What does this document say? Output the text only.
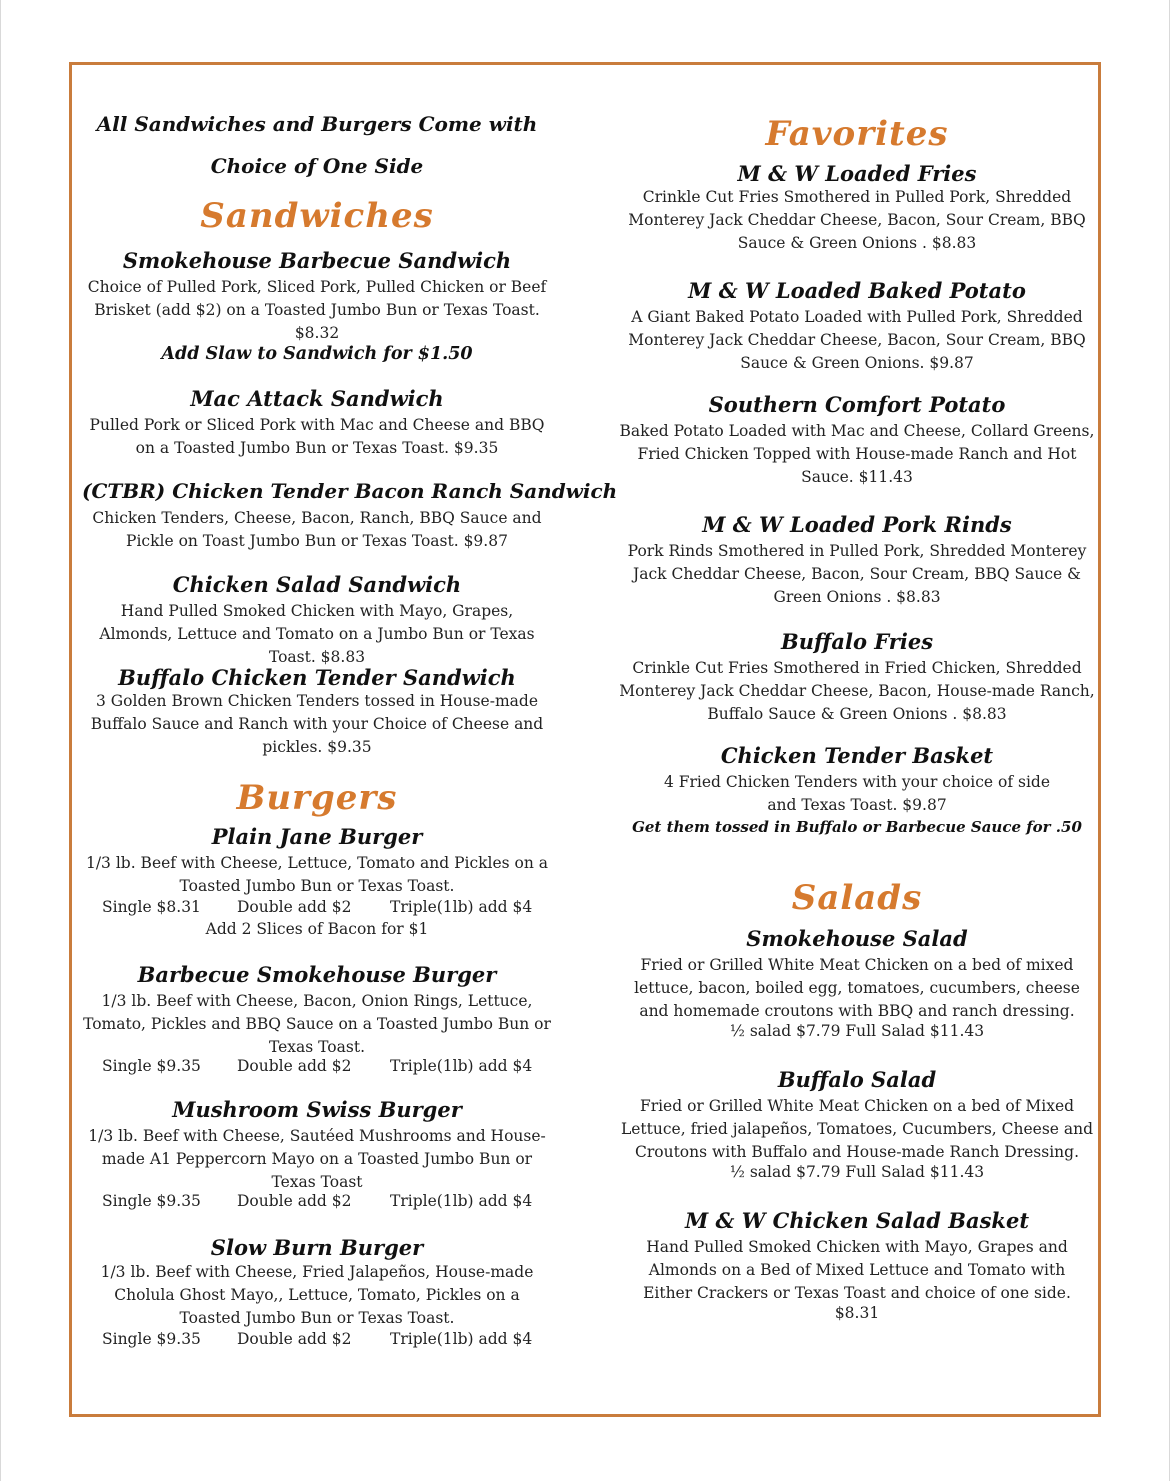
All Sandwiches and Burgers Come with
Choice of One Side
Sandwiches
Smokehouse Barbecue Sandwich
Choice of Pulled Pork, Sliced Pork, Pulled Chicken or Beef Brisket (add $2) on a Toasted Jumbo Bun or Texas Toast.
$8.32
Add Slaw to Sandwich for $1.50
Mac Attack Sandwich
Pulled Pork or Sliced Pork with Mac and Cheese and BBQ on a Toasted Jumbo Bun or Texas Toast. $9.35
(CTBR) Chicken Tender Bacon Ranch Sandwich
Chicken Tenders, Cheese, Bacon, Ranch, BBQ Sauce and Pickle on Toast Jumbo Bun or Texas Toast. $9.87
Chicken Salad Sandwich
Hand Pulled Smoked Chicken with Mayo, Grapes, Almonds, Lettuce and Tomato on a Jumbo Bun or Texas Toast. $8.83
Buffalo Chicken Tender Sandwich
3 Golden Brown Chicken Tenders tossed in House-made Buffalo Sauce and Ranch with your Choice of Cheese and pickles. $9.35
Burgers
Plain Jane Burger
1/3 lb. Beef with Cheese, Lettuce, Tomato and Pickles on a Toasted Jumbo Bun or Texas Toast.
Single $8.31 Double add $2 Triple(1lb) add $4
Add 2 Slices of Bacon for $1
Barbecue Smokehouse Burger
1/3 lb. Beef with Cheese, Bacon, Onion Rings, Lettuce, Tomato, Pickles and BBQ Sauce on a Toasted Jumbo Bun or Texas Toast.
Single $9.35 Double add $2 Triple(1lb) add $4
Mushroom Swiss Burger
1/3 lb. Beef with Cheese, Sautéed Mushrooms and House-made A1 Peppercorn Mayo on a Toasted Jumbo Bun or Texas Toast
Single $9.35 Double add $2 Triple(1lb) add $4
Slow Burn Burger
1/3 lb. Beef with Cheese, Fried Jalapeños, House-made Cholula Ghost Mayo,, Lettuce, Tomato, Pickles on a Toasted Jumbo Bun or Texas Toast.
Single $9.35 Double add $2 Triple(1lb) add $4
Favorites
M & W Loaded Fries
Crinkle Cut Fries Smothered in Pulled Pork, Shredded Monterey Jack Cheddar Cheese, Bacon, Sour Cream, BBQ Sauce & Green Onions . $8.83
M & W Loaded Baked Potato
A Giant Baked Potato Loaded with Pulled Pork, Shredded Monterey Jack Cheddar Cheese, Bacon, Sour Cream, BBQ Sauce & Green Onions. $9.87
Southern Comfort Potato
Baked Potato Loaded with Mac and Cheese, Collard Greens, Fried Chicken Topped with House-made Ranch and Hot Sauce. $11.43
M & W Loaded Pork Rinds
Pork Rinds Smothered in Pulled Pork, Shredded Monterey Jack Cheddar Cheese, Bacon, Sour Cream, BBQ Sauce & Green Onions . $8.83
Buffalo Fries
Crinkle Cut Fries Smothered in Fried Chicken, Shredded Monterey Jack Cheddar Cheese, Bacon, House-made Ranch, Buffalo Sauce & Green Onions . $8.83
Chicken Tender Basket
4 Fried Chicken Tenders with your choice of side and Texas Toast. $9.87
Get them tossed in Buffalo or Barbecue Sauce for .50
Salads
Smokehouse Salad
Fried or Grilled White Meat Chicken on a bed of mixed lettuce, bacon, boiled egg, tomatoes, cucumbers, cheese and homemade croutons with BBQ and ranch dressing.
½ salad $7.79 Full Salad $11.43
Buffalo Salad
Fried or Grilled White Meat Chicken on a bed of Mixed Lettuce, fried jalapeños, Tomatoes, Cucumbers, Cheese and Croutons with Buffalo and House-made Ranch Dressing.
½ salad $7.79 Full Salad $11.43
M & W Chicken Salad Basket
Hand Pulled Smoked Chicken with Mayo, Grapes and Almonds on a Bed of Mixed Lettuce and Tomato with Either Crackers or Texas Toast and choice of one side.
$8.31
